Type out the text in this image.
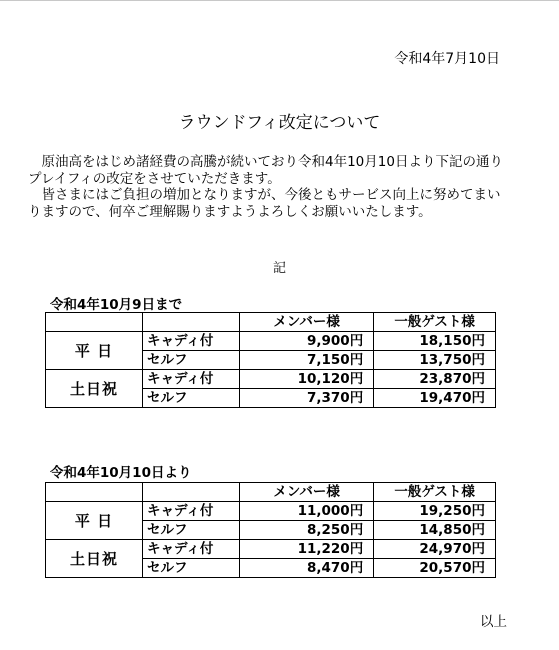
令和4年7月10日
ラウンドフィ改定について

　原油高をはじめ諸経費の高騰が続いており令和4年10月10日より下記の通りプレイフィの改定をさせていただきます。

　皆さまにはご負担の増加となりますが、今後ともサービス向上に努めてまいりますので、何卒ご理解賜りますようよろしくお願いいたします。

記
令和4年10月9日まで
		メンバー様	一般ゲスト様
平 日	キャディ付	9,900円	18,150円
	セルフ	7,150円	13,750円
土日祝	キャディ付	10,120円	23,870円
	セルフ	7,370円	19,470円
令和4年10月10日より
		メンバー様	一般ゲスト様
平 日	キャディ付	11,000円	19,250円
	セルフ	8,250円	14,850円
土日祝	キャディ付	11,220円	24,970円
	セルフ	8,470円	20,570円
以上
